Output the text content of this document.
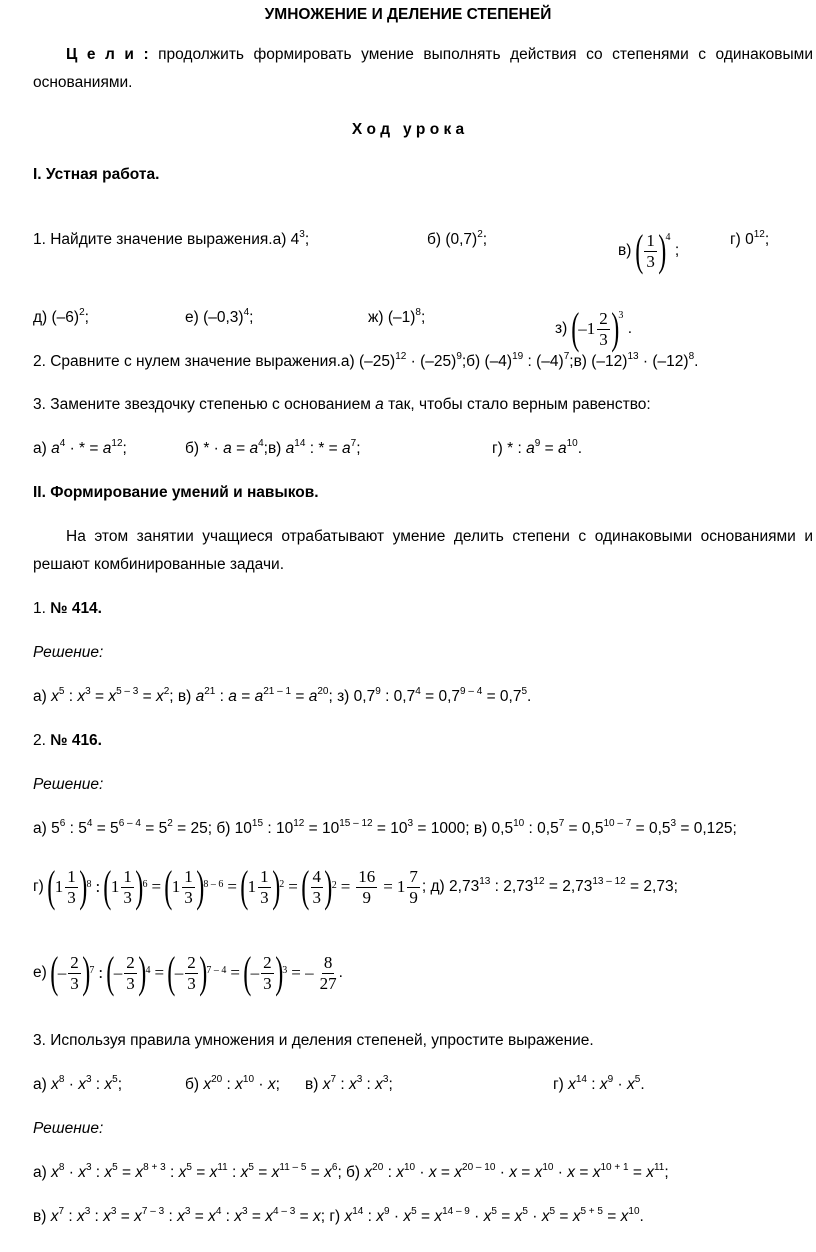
УМНОЖЕНИЕ И ДЕЛЕНИЕ СТЕПЕНЕЙ
Ц е л и : продолжить формировать умение выполнять действия со степенями с одинаковыми основаниями.
Х о д   у р о к а
I. Устная работа.
1. Найдите значение выражения.а) $4^3$;	б) $(0,7)^2$;
в) ( $\frac{1}{3}$ ) 4
;
г) $0^{12}$;
д) $(-6)^2$;	е) $(-0,3)^4$;	ж) $(-1)^8$;
з) ( – $1 \frac{2}{3}$ ) 3
.
2. Сравните с нулем значение выражения.а) $(-25)^{12}$ · $(-25)^9;б$) $(-4)^{19}$ : $(-4)^7;в$) $(-12)^{13} \cdot (-12)^8$.
3. Замените звездочку степенью с основанием a так, чтобы стало верным равенство:
а) $a^4$ · * = $a^{12}$;	б) * · $a = a^4;в$) $a^{14}$ : * = $a^7$;	г) * : $a^9 = a^{10}$.
II. Формирование умений и навыков.
На этом занятии учащиеся отрабатывают умение делить степени с одинаковыми основаниями и решают комбинированные задачи.
1. № 414.
Решение:
а) $x^5$ : $x^3 = x^{5 - 3} = x^2$; в) $a^{21}$ : $a = a^{21 - 1} = a^{20}$; з) $0,7^9$ : $0,7^4 = 0,7^{9 - 4} = 0,7^5$.
2. № 416.
Решение:
а) $5^6$ : $5^4 = 5^{6 - 4} = 5^2 = 25$; б) $10^{15}$ : $10^{12} = 10^{15 - 12} = 10^3 = 1000$; в) $0,5^{10}$ : $0,5^7 = 0,5^{10 - 7} = 0,5^3 = 0,125$;
г) ( $1 \frac{1}{3}$ ) 8 : ( $1 \frac{1}{3}$ ) 6 = ( $1 \frac{1}{3}$ ) 8 – 6 = ( $1 \frac{1}{3}$ ) 2 = ( $\frac{4}{3}$ ) $2 = \frac{16}{9} = 1 \frac{7}{9}$ ; д) 2,73$^{13}$ : $2,73^{12} = 2,73^{13 - 12} = 2,73$;
е) ( – $\frac{2}{3}$ ) 7 : ( – $\frac{2}{3}$ ) 4 = ( – $\frac{2}{3}$ ) 7 – 4 = ( – $\frac{2}{3}$ ) 3 = – $\frac{8}{27}$ .
3. Используя правила умножения и деления степеней, упростите выражение.
а) $x^8 \cdot x^3$ : $x^5$;	б) $x^{20}$ : $x^{10} \cdot x$; в) $x^7$ : $x^3$ : $x^3$;	г) $x^{14}$ : $x^9 \cdot x^5$.
Решение:
а) $x^8 \cdot x^3$ : $x^5 = x^{8 + 3}$ : $x^5 = x^{11}$ : $x^5 = x^{11 - 5} = x^6$; б) $x^{20}$ : $x^{10} \cdot x = x^{20 - 10} \cdot x = x^{10} \cdot x = x^{10 + 1} = x^{11}$;
в) $x^7$ : $x^3$ : $x^3 = x^{7 - 3}$ : $x^3 = x^4$ : $x^3 = x^{4 - 3} = x$; г) $x^{14}$ : $x^9 \cdot x^5 = x^{14 - 9} \cdot x^5 = x^5 \cdot x^5 = x^{5 + 5} = x^{10}$.
